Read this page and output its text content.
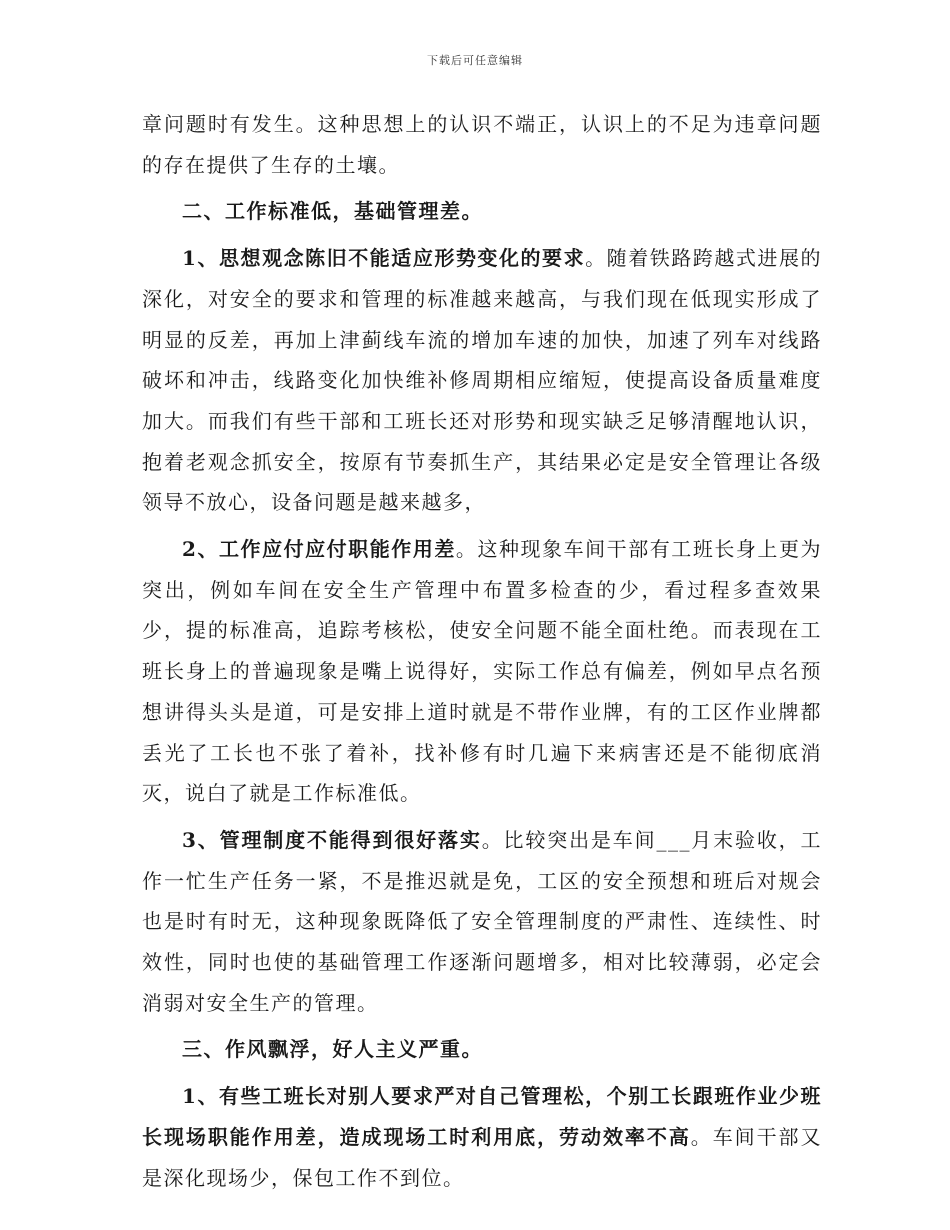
下载后可任意编辑

章问题时有发生。这种思想上的认识不端正，认识上的不足为违章问题的存在提供了生存的土壤。

二、工作标准低，基础管理差。

1、思想观念陈旧不能适应形势变化的要求。随着铁路跨越式进展的深化，对安全的要求和管理的标准越来越高，与我们现在低现实形成了明显的反差，再加上津蓟线车流的增加车速的加快，加速了列车对线路破坏和冲击，线路变化加快维补修周期相应缩短，使提高设备质量难度加大。而我们有些干部和工班长还对形势和现实缺乏足够清醒地认识，抱着老观念抓安全，按原有节奏抓生产，其结果必定是安全管理让各级领导不放心，设备问题是越来越多，

2、工作应付应付职能作用差。这种现象车间干部有工班长身上更为突出，例如车间在安全生产管理中布置多检查的少，看过程多查效果少，提的标准高，追踪考核松，使安全问题不能全面杜绝。而表现在工班长身上的普遍现象是嘴上说得好，实际工作总有偏差，例如早点名预想讲得头头是道，可是安排上道时就是不带作业牌，有的工区作业牌都丢光了工长也不张了着补，找补修有时几遍下来病害还是不能彻底消灭，说白了就是工作标准低。

3、管理制度不能得到很好落实。比较突出是车间___月末验收，工作一忙生产任务一紧，不是推迟就是免，工区的安全预想和班后对规会也是时有时无，这种现象既降低了安全管理制度的严肃性、连续性、时效性，同时也使的基础管理工作逐渐问题增多，相对比较薄弱，必定会消弱对安全生产的管理。

三、作风飘浮，好人主义严重。

1、有些工班长对别人要求严对自己管理松，个别工长跟班作业少班长现场职能作用差，造成现场工时利用底，劳动效率不高。车间干部又是深化现场少，保包工作不到位。
